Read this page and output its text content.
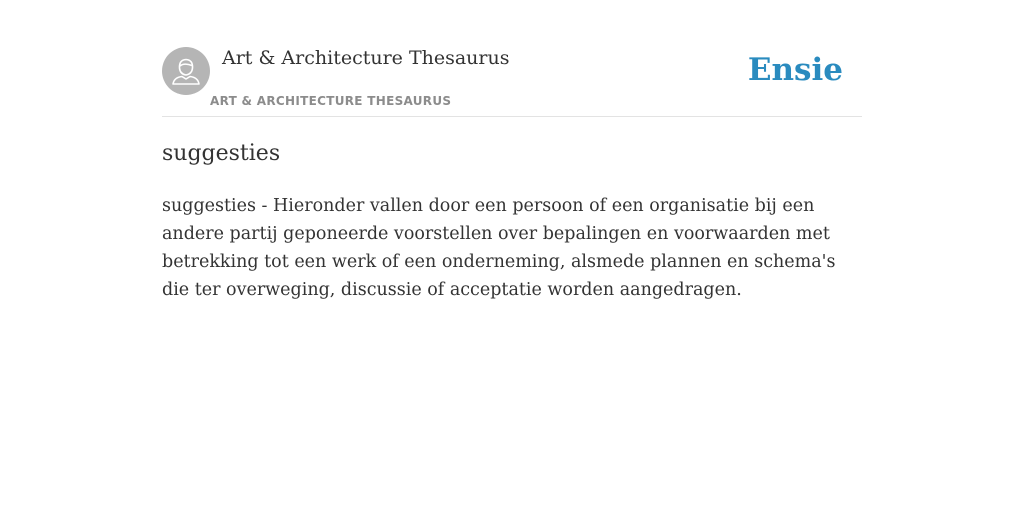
Art & Architecture Thesaurus
ART & ARCHITECTURE THESAURUS
Ensie
suggesties

suggesties - Hieronder vallen door een persoon of een organisatie bij een andere partij geponeerde voorstellen over bepalingen en voorwaarden met betrekking tot een werk of een onderneming, alsmede plannen en schema's die ter overweging, discussie of acceptatie worden aangedragen.
